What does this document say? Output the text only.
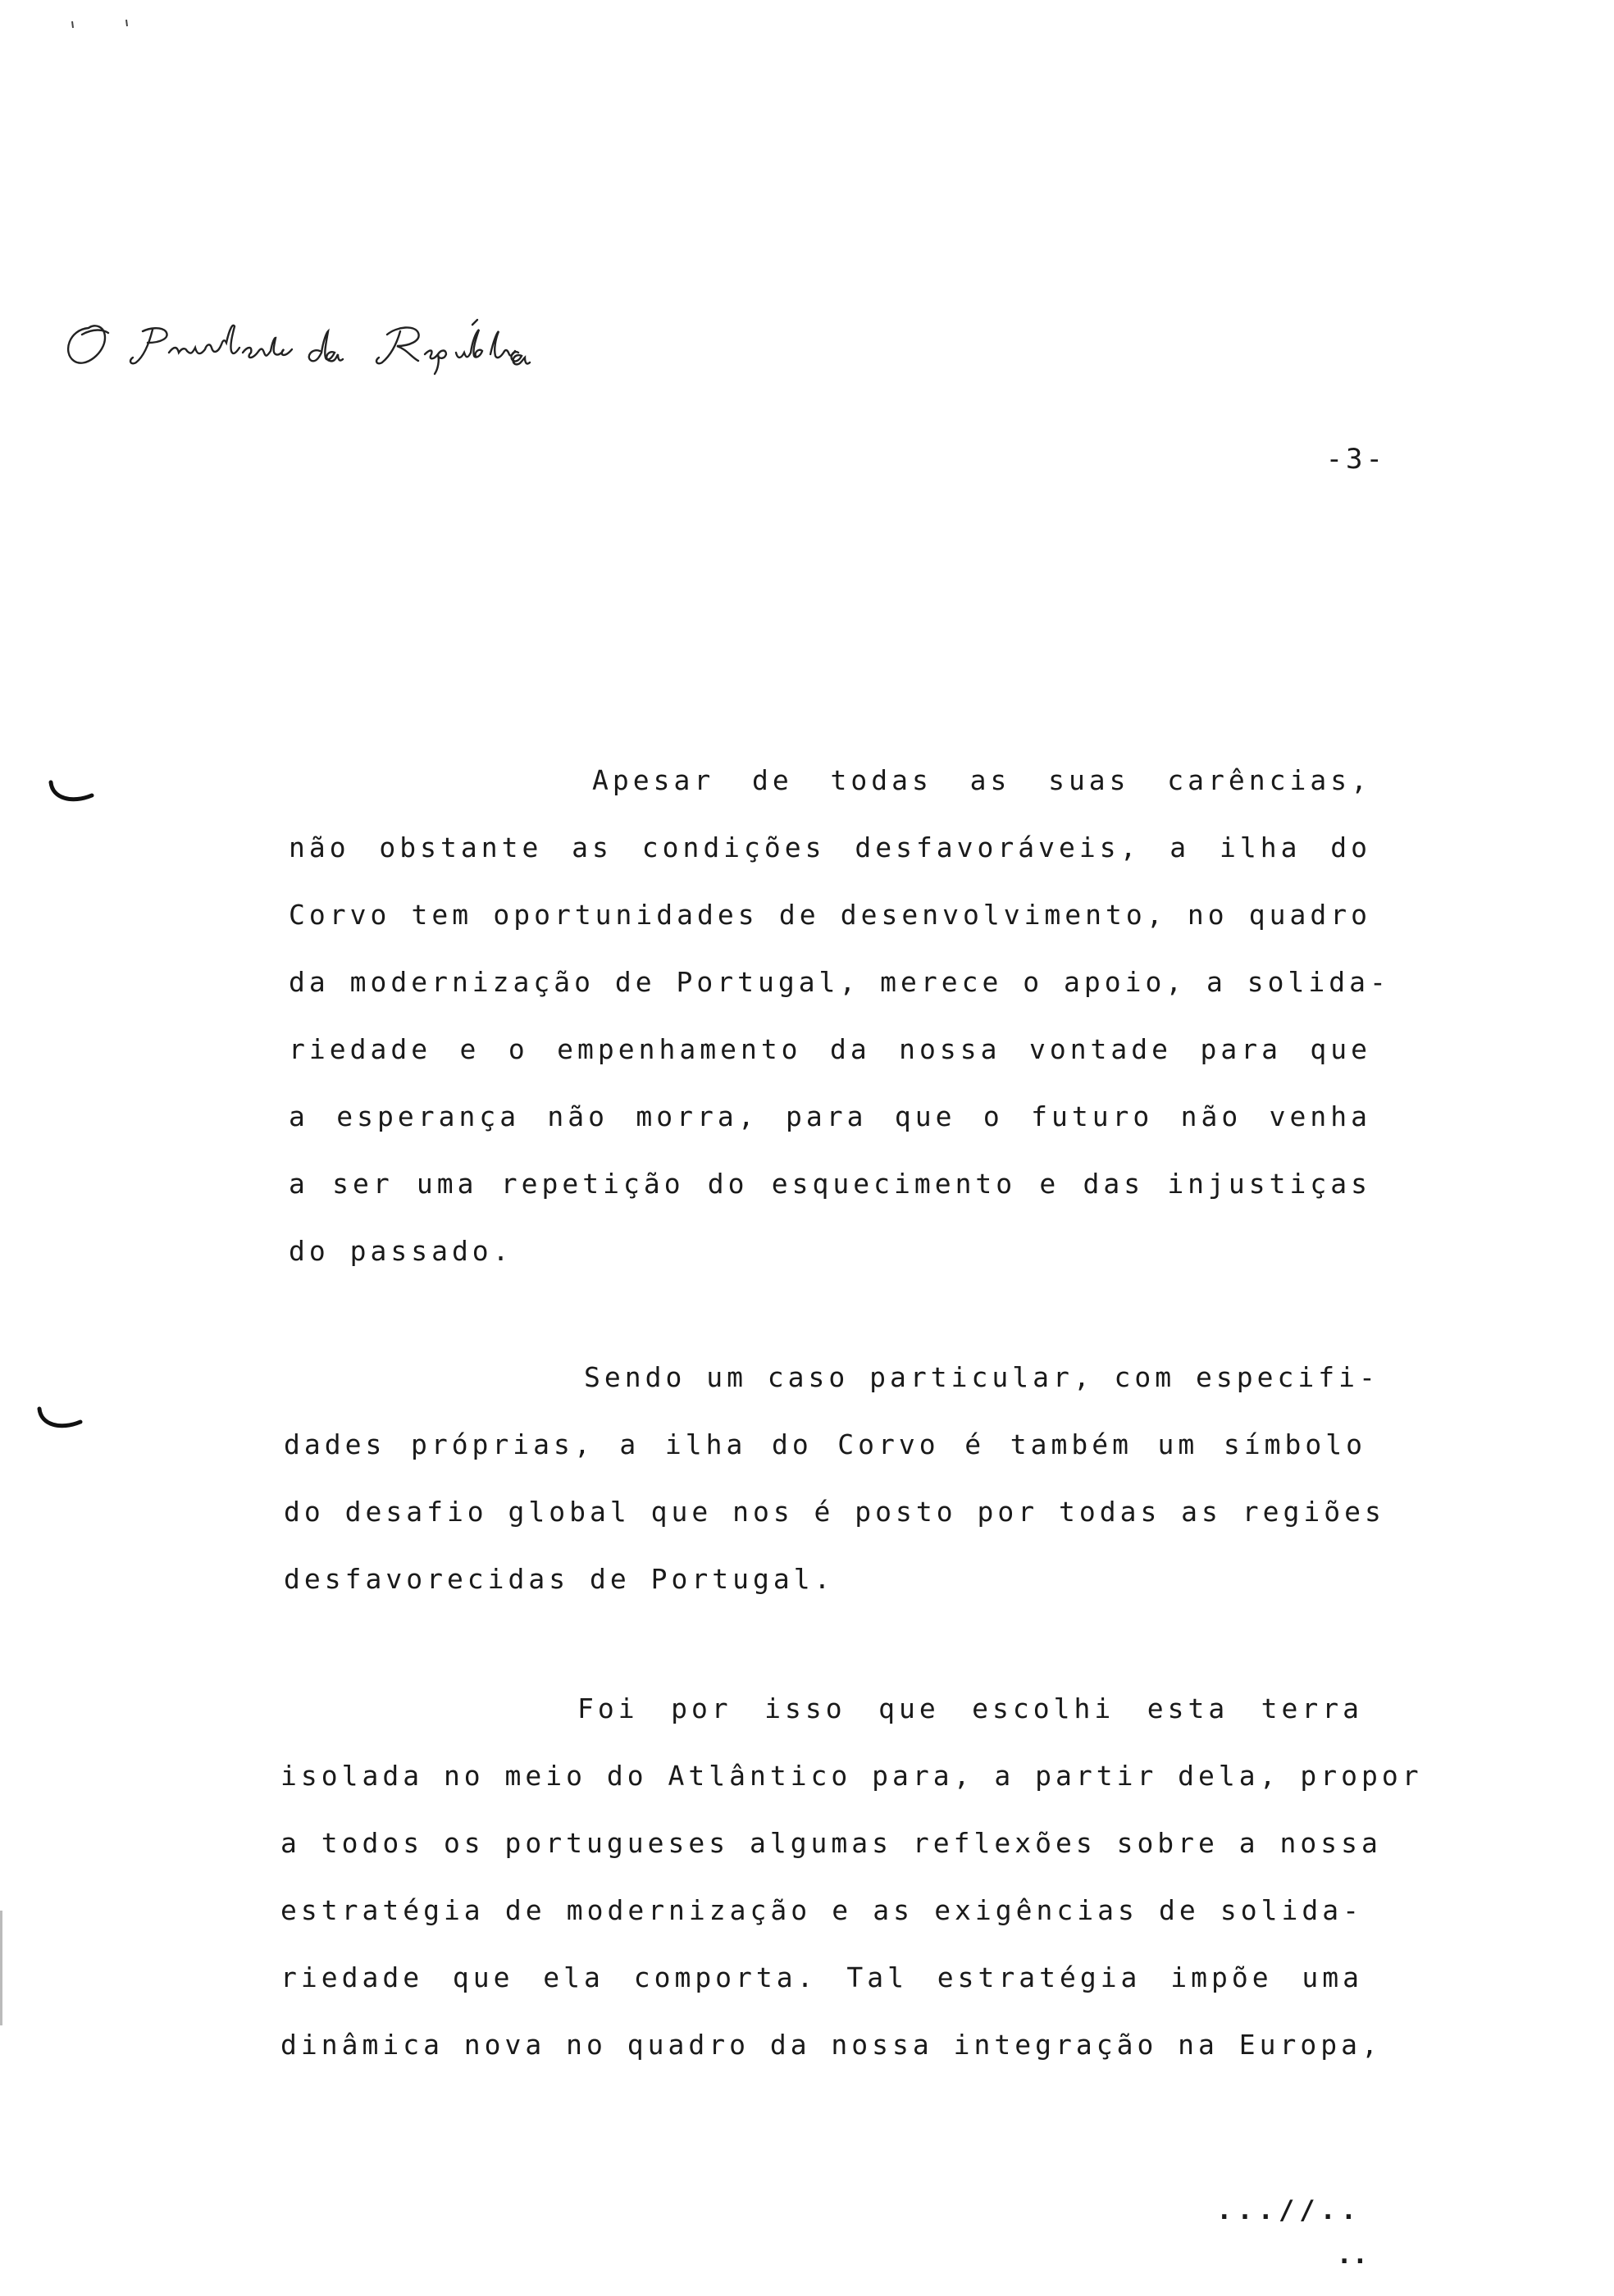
-3-
Apesar de todas as suas carências,
não obstante as condições desfavoráveis, a ilha do
Corvo tem oportunidades de desenvolvimento, no quadro
da modernização de Portugal, merece o apoio, a solida-
riedade e o empenhamento da nossa vontade para que
a esperança não morra, para que o futuro não venha
a ser uma repetição do esquecimento e das injustiças
do passado.
Sendo um caso particular, com especifi-
dades próprias, a ilha do Corvo é também um símbolo
do desafio global que nos é posto por todas as regiões
desfavorecidas de Portugal.
Foi por isso que escolhi esta terra
isolada no meio do Atlântico para, a partir dela, propor
a todos os portugueses algumas reflexões sobre a nossa
estratégia de modernização e as exigências de solida-
riedade que ela comporta. Tal estratégia impõe uma
dinâmica nova no quadro da nossa integração na Europa,
...//..
..
